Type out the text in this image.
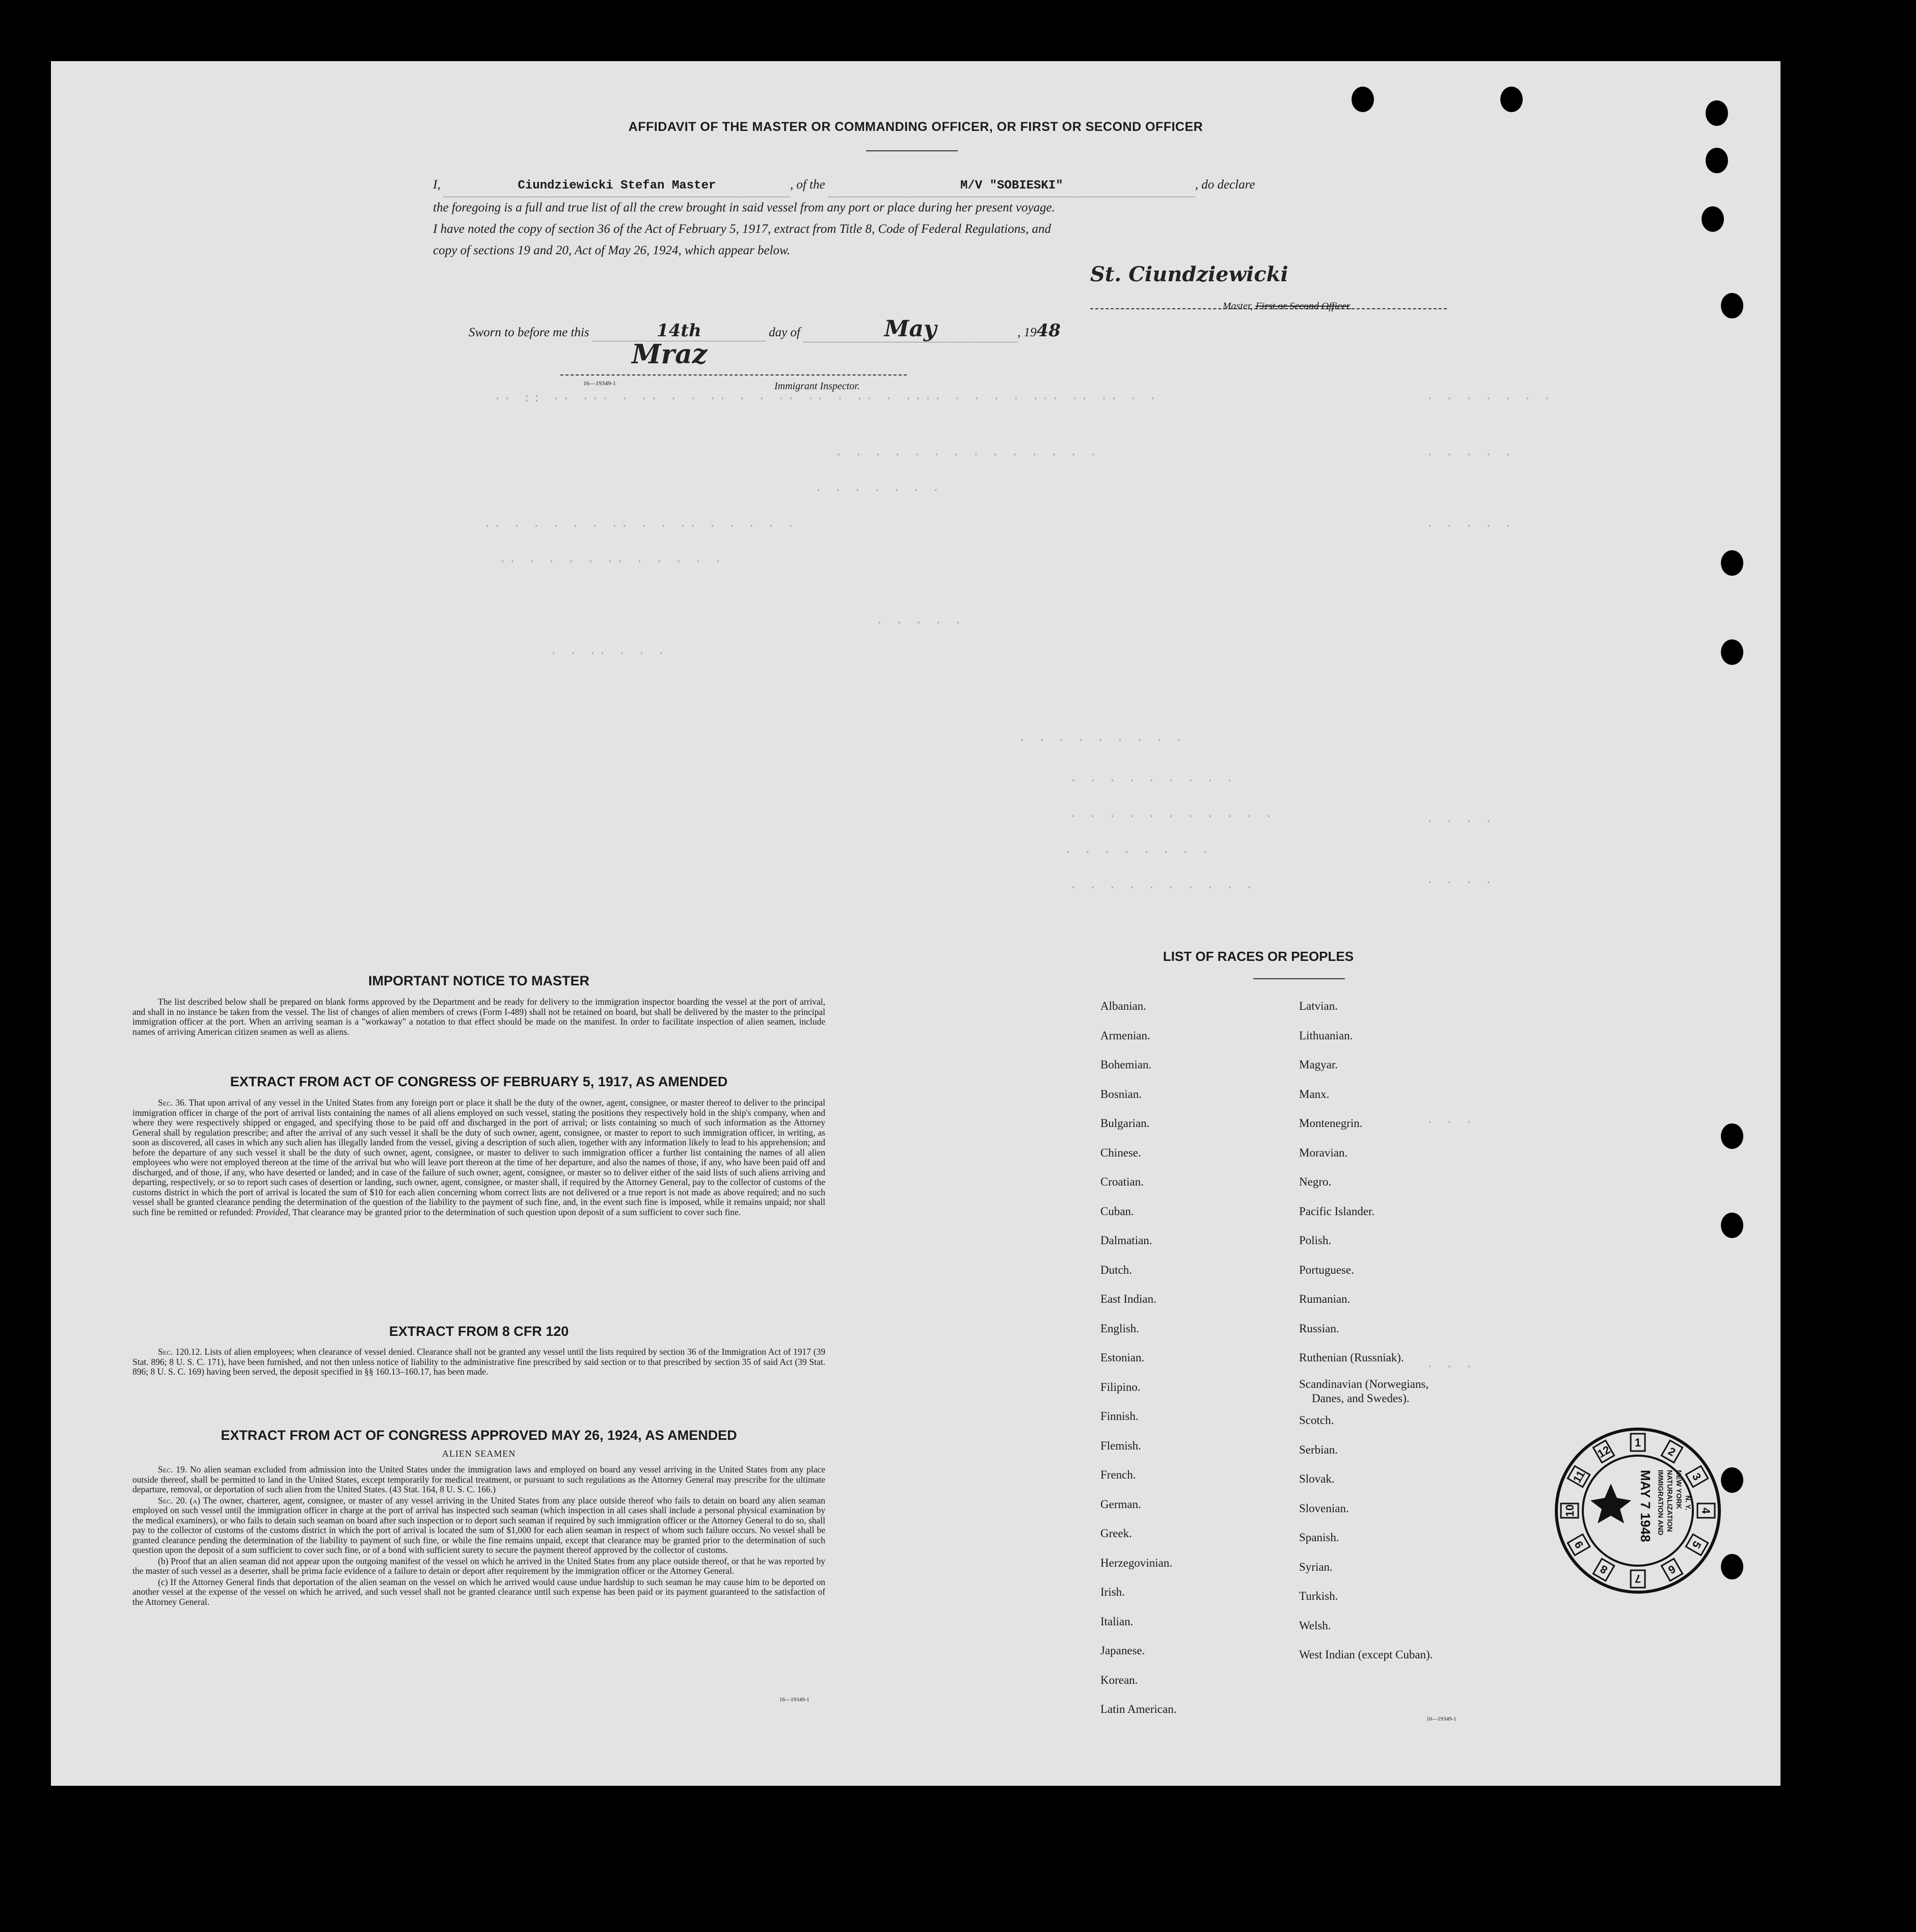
AFFIDAVIT OF THE MASTER OR COMMANDING OFFICER, OR FIRST OR SECOND OFFICER

I,	Ciundziewicki Stefan Master	, of the	M/V "SOBIESKI"	, do declare

the foregoing is a full and true list of all the crew brought in said vessel from any port or place during her present voyage.

I have noted the copy of section 36 of the Act of February 5, 1917, extract from Title 8, Code of Federal Regulations, and

copy of sections 19 and 20, Act of May 26, 1924, which appear below.

St. Ciundziewicki
Master, First or Second Officer.
Sworn to before me this	14th	day of	May	, 1948
Mraz
16—19349-1	Immigrant Inspector.
·· :: ·· ··· · ·· · · ·· · · ·· ·· · ·· · ···· · · · · ··· ·· ·· · ·
· · · · · · · · · · · · · ·
· · · · · · ·
·· · · · · · ·· · · ·· · · · · ·
·· · · · · ·· · · · · ·
· · · · ·
· · ·· · · ·
· · · · · · · · ·
· · · · · · · · ·
· · · · · · · · · · ·
· · · · · · · ·
· · · · · · · · · ·
· · · · · · ·
· · · · ·
· · · · ·
· · · ·
· · · ·
· · ·
· · ·
IMPORTANT NOTICE TO MASTER

The list described below shall be prepared on blank forms approved by the Department and be ready for delivery to the immigration inspector boarding the vessel at the port of arrival, and shall in no instance be taken from the vessel. The list of changes of alien members of crews (Form I-489) shall not be retained on board, but shall be delivered by the master to the principal immigration officer at the port. When an arriving seaman is a "workaway" a notation to that effect should be made on the manifest. In order to facilitate inspection of alien seamen, include names of arriving American citizen seamen as well as aliens.

EXTRACT FROM ACT OF CONGRESS OF FEBRUARY 5, 1917, AS AMENDED

Sec. 36. That upon arrival of any vessel in the United States from any foreign port or place it shall be the duty of the owner, agent, consignee, or master thereof to deliver to the principal immigration officer in charge of the port of arrival lists containing the names of all aliens employed on such vessel, stating the positions they respectively hold in the ship's company, when and where they were respectively shipped or engaged, and specifying those to be paid off and discharged in the port of arrival; or lists containing so much of such information as the Attorney General shall by regulation prescribe; and after the arrival of any such vessel it shall be the duty of such owner, agent, consignee, or master to report to such immigration officer, in writing, as soon as discovered, all cases in which any such alien has illegally landed from the vessel, giving a description of such alien, together with any information likely to lead to his apprehension; and before the departure of any such vessel it shall be the duty of such owner, agent, consignee, or master to deliver to such immigration officer a further list containing the names of all alien employees who were not employed thereon at the time of the arrival but who will leave port thereon at the time of her departure, and also the names of those, if any, who have been paid off and discharged, and of those, if any, who have deserted or landed; and in case of the failure of such owner, agent, consignee, or master so to deliver either of the said lists of such aliens arriving and departing, respectively, or so to report such cases of desertion or landing, such owner, agent, consignee, or master shall, if required by the Attorney General, pay to the collector of customs of the customs district in which the port of arrival is located the sum of $10 for each alien concerning whom correct lists are not delivered or a true report is not made as above required; and no such vessel shall be granted clearance pending the determination of the question of the liability to the payment of such fine, and, in the event such fine is imposed, while it remains unpaid; nor shall such fine be remitted or refunded: Provided, That clearance may be granted prior to the determination of such question upon deposit of a sum sufficient to cover such fine.

EXTRACT FROM 8 CFR 120

Sec. 120.12. Lists of alien employees; when clearance of vessel denied. Clearance shall not be granted any vessel until the lists required by section 36 of the Immigration Act of 1917 (39 Stat. 896; 8 U. S. C. 171), have been furnished, and not then unless notice of liability to the administrative fine prescribed by said section or to that prescribed by section 35 of said Act (39 Stat. 896; 8 U. S. C. 169) having been served, the deposit specified in §§ 160.13–160.17, has been made.

EXTRACT FROM ACT OF CONGRESS APPROVED MAY 26, 1924, AS AMENDED
ALIEN SEAMEN

Sec. 19. No alien seaman excluded from admission into the United States under the immigration laws and employed on board any vessel arriving in the United States from any place outside thereof, shall be permitted to land in the United States, except temporarily for medical treatment, or pursuant to such regulations as the Attorney General may prescribe for the ultimate departure, removal, or deportation of such alien from the United States. (43 Stat. 164, 8 U. S. C. 166.)

Sec. 20. (a) The owner, charterer, agent, consignee, or master of any vessel arriving in the United States from any place outside thereof who fails to detain on board any alien seaman employed on such vessel until the immigration officer in charge at the port of arrival has inspected such seaman (which inspection in all cases shall include a personal physical examination by the medical examiners), or who fails to detain such seaman on board after such inspection or to deport such seaman if required by such immigration officer or the Attorney General to do so, shall pay to the collector of customs of the customs district in which the port of arrival is located the sum of $1,000 for each alien seaman in respect of whom such failure occurs. No vessel shall be granted clearance pending the determination of the liability to payment of such fine, or while the fine remains unpaid, except that clearance may be granted prior to the determination of such question upon the deposit of a sum sufficient to cover such fine, or of a bond with sufficient surety to secure the payment thereof approved by the collector of customs.

(b) Proof that an alien seaman did not appear upon the outgoing manifest of the vessel on which he arrived in the United States from any place outside thereof, or that he was reported by the master of such vessel as a deserter, shall be prima facie evidence of a failure to detain or deport after requirement by the immigration officer or the Attorney General.

(c) If the Attorney General finds that deportation of the alien seaman on the vessel on which he arrived would cause undue hardship to such seaman he may cause him to be deported on another vessel at the expense of the vessel on which he arrived, and such vessel shall not be granted clearance until such expense has been paid or its payment guaranteed to the satisfaction of the Attorney General.

16—19349-1
LIST OF RACES OR PEOPLES
Albanian.
Armenian.
Bohemian.
Bosnian.
Bulgarian.
Chinese.
Croatian.
Cuban.
Dalmatian.
Dutch.
East Indian.
English.
Estonian.
Filipino.
Finnish.
Flemish.
French.
German.
Greek.
Herzegovinian.
Irish.
Italian.
Japanese.
Korean.
Latin American.
Latvian.
Lithuanian.
Magyar.
Manx.
Montenegrin.
Moravian.
Negro.
Pacific Islander.
Polish.
Portuguese.
Rumanian.
Russian.
Ruthenian (Russniak).
Scandinavian (Norwegians,
Danes, and Swedes).
Scotch.
Serbian.
Slovak.
Slovenian.
Spanish.
Syrian.
Turkish.
Welsh.
West Indian (except Cuban).
16—19349-1
1
2
3
4
5
6
7
8
9
10
11
12
MAY 7 1948 IMMIGRATION AND NATURALIZATION NEW YORK N. Y.
